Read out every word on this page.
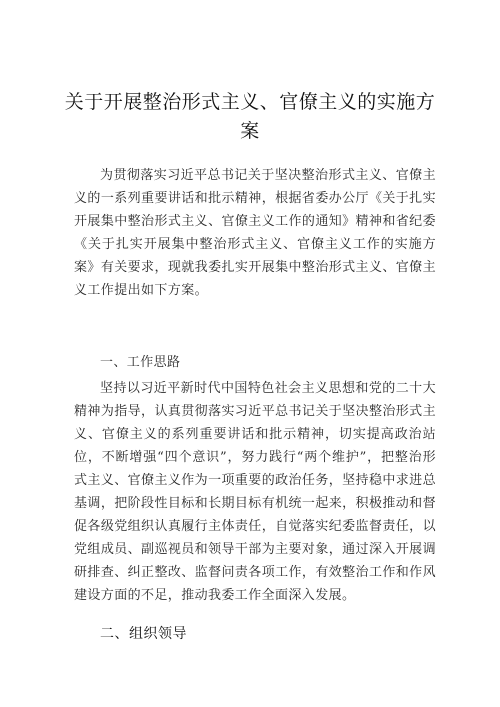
关于开展整治形式主义、官僚主义的实施方案
为贯彻落实习近平总书记关于坚决整治形式主义、官僚主义的一系列重要讲话和批示精神，根据省委办公厅《关于扎实开展集中整治形式主义、官僚主义工作的通知》精神和省纪委《关于扎实开展集中整治形式主义、官僚主义工作的实施方案》有关要求，现就我委扎实开展集中整治形式主义、官僚主义工作提出如下方案。
一、工作思路
坚持以习近平新时代中国特色社会主义思想和党的二十大精神为指导，认真贯彻落实习近平总书记关于坚决整治形式主义、官僚主义的系列重要讲话和批示精神，切实提高政治站位，不断增强“四个意识”，努力践行“两个维护”，把整治形式主义、官僚主义作为一项重要的政治任务，坚持稳中求进总基调，把阶段性目标和长期目标有机统一起来，积极推动和督促各级党组织认真履行主体责任，自觉落实纪委监督责任，以党组成员、副巡视员和领导干部为主要对象，通过深入开展调研排查、纠正整改、监督问责各项工作，有效整治工作和作风建设方面的不足，推动我委工作全面深入发展。
二、组织领导
